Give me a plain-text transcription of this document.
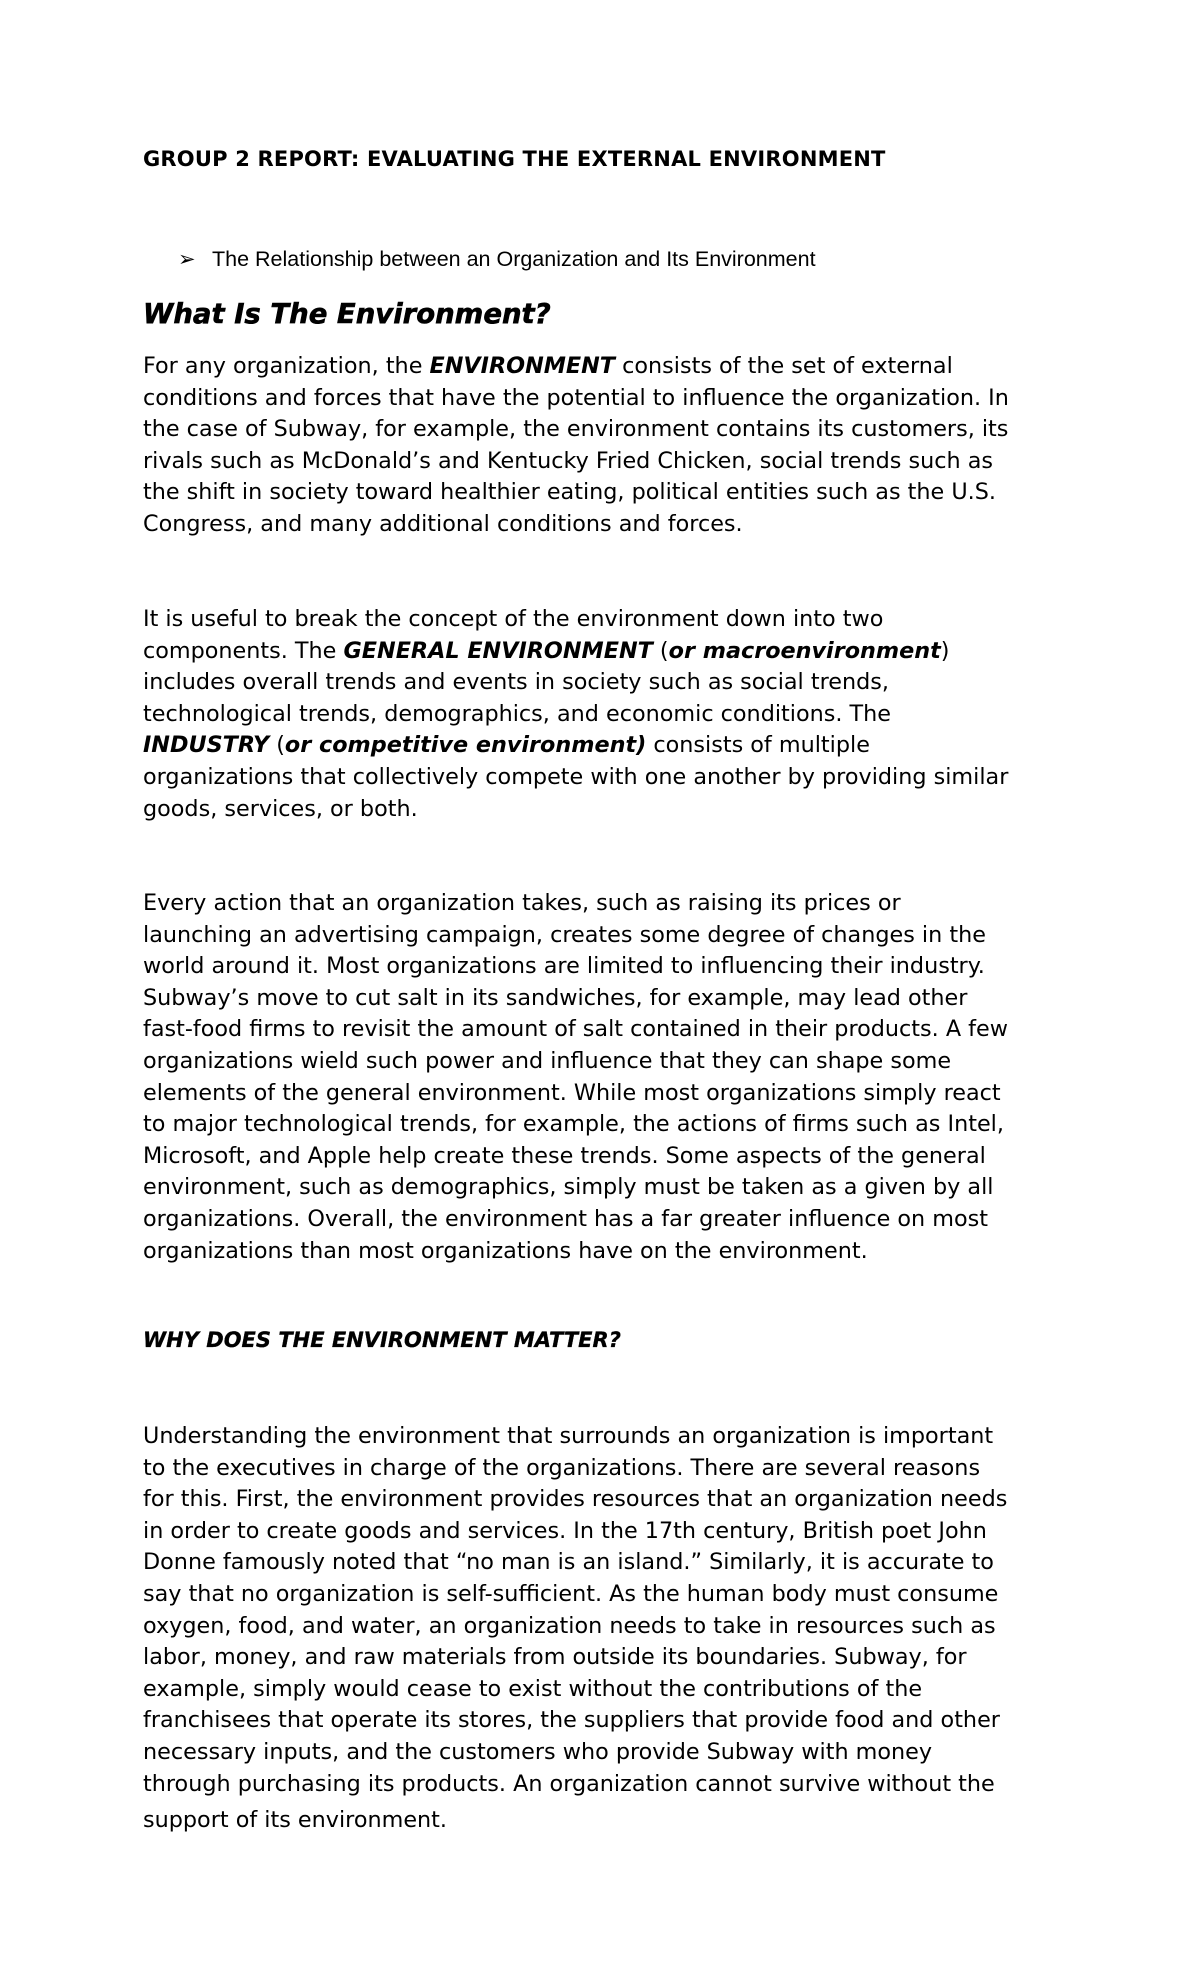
GROUP 2 REPORT: EVALUATING THE EXTERNAL ENVIRONMENT
➢ The Relationship between an Organization and Its Environment
What Is The Environment?
For any organization, the ENVIRONMENT consists of the set of external
conditions and forces that have the potential to influence the organization. In
the case of Subway, for example, the environment contains its customers, its
rivals such as McDonald’s and Kentucky Fried Chicken, social trends such as
the shift in society toward healthier eating, political entities such as the U.S.
Congress, and many additional conditions and forces.
It is useful to break the concept of the environment down into two
components. The GENERAL ENVIRONMENT (or macroenvironment)
includes overall trends and events in society such as social trends,
technological trends, demographics, and economic conditions. The
INDUSTRY (or competitive environment) consists of multiple
organizations that collectively compete with one another by providing similar
goods, services, or both.
Every action that an organization takes, such as raising its prices or
launching an advertising campaign, creates some degree of changes in the
world around it. Most organizations are limited to influencing their industry.
Subway’s move to cut salt in its sandwiches, for example, may lead other
fast-food firms to revisit the amount of salt contained in their products. A few
organizations wield such power and influence that they can shape some
elements of the general environment. While most organizations simply react
to major technological trends, for example, the actions of firms such as Intel,
Microsoft, and Apple help create these trends. Some aspects of the general
environment, such as demographics, simply must be taken as a given by all
organizations. Overall, the environment has a far greater influence on most
organizations than most organizations have on the environment.
WHY DOES THE ENVIRONMENT MATTER?
Understanding the environment that surrounds an organization is important
to the executives in charge of the organizations. There are several reasons
for this. First, the environment provides resources that an organization needs
in order to create goods and services. In the 17th century, British poet John
Donne famously noted that “no man is an island.” Similarly, it is accurate to
say that no organization is self-sufficient. As the human body must consume
oxygen, food, and water, an organization needs to take in resources such as
labor, money, and raw materials from outside its boundaries. Subway, for
example, simply would cease to exist without the contributions of the
franchisees that operate its stores, the suppliers that provide food and other
necessary inputs, and the customers who provide Subway with money
through purchasing its products. An organization cannot survive without the
support of its environment.
